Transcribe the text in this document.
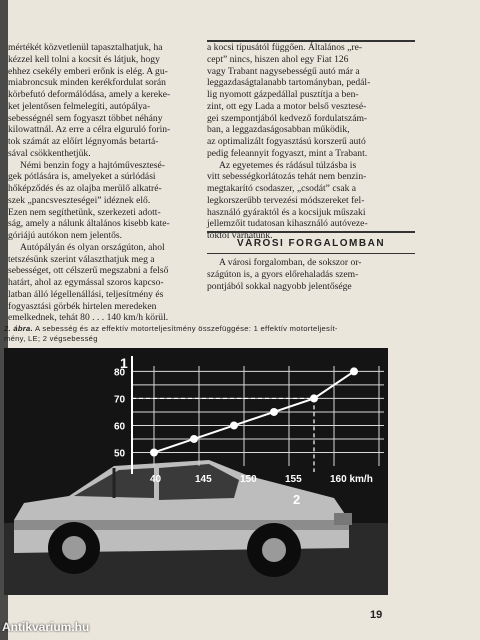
mértékét közvetlenül tapasztalhatjuk, ha
kézzel kell tolni a kocsit és látjuk, hogy
ehhez csekély emberi erőnk is elég. A gu-
miabroncsuk minden kerékfordulat során
körbefutó deformálódása, amely a kereke-
ket jelentősen felmelegíti, autópálya-
sebességnél sem fogyaszt többet néhány
kilowattnál. Az erre a célra elguruló forin-
tok számát az előírt légnyomás betartá-
sával csökkenthetjük.

Némi benzin fogy a hajtóművesztesé-
gek pótlására is, amelyeket a súrlódási
hőképződés és az olajba merülő alkatré-
szek „pancsveszteségei” idéznek elő.
Ezen nem segíthetünk, szerkezeti adott-
ság, amely a nálunk általános kisebb kate-
góriájú autókon nem jelentős.

Autópályán és olyan országúton, ahol
tetszésünk szerint választhatjuk meg a
sebességet, ott célszerű megszabni a felső
határt, ahol az egymással szoros kapcso-
latban álló légellenállási, teljesítmény és
fogyasztási görbék hirtelen meredeken
emelkednek, tehát 80 . . . 140 km/h körül.

a kocsi típusától függően. Általános „re-
cept” nincs, hiszen ahol egy Fiat 126
vagy Trabant nagysebességű autó már a
leggazdaságtalanabb tartományban, pedál-
lig nyomott gázpedállal pusztítja a ben-
zint, ott egy Lada a motor belső vesztesé-
gei szempontjából kedvező fordulatszám-
ban, a leggazdaságosabban működik,
az optimalizált fogyasztású korszerű autó
pedig feleannyit fogyaszt, mint a Trabant.

Az egyetemes és rádásul túlzásba is
vitt sebességkorlátozás tehát nem benzin-
megtakarító csodaszer, „csodát” csak a
legkorszerűbb tervezési módszereket fel-
használó gyáraktól és a kocsijuk műszaki
jellemzőit tudatosan kihasználó autóveze-
tőktől várhatunk.

VÁROSI FORGALOMBAN

A városi forgalomban, de sokszor or-
szágúton is, a gyors előrehaladás szem-
pontjából sokkal nagyobb jelentősége

2. ábra. A sebesség és az effektív motorteljesítmény összefüggése: 1 effektív motorteljesít-
mény, LE; 2 végsebesség
1
50
60
70
80
40	145	150	155	160 km/h
2
19
Antikvarium.hu
